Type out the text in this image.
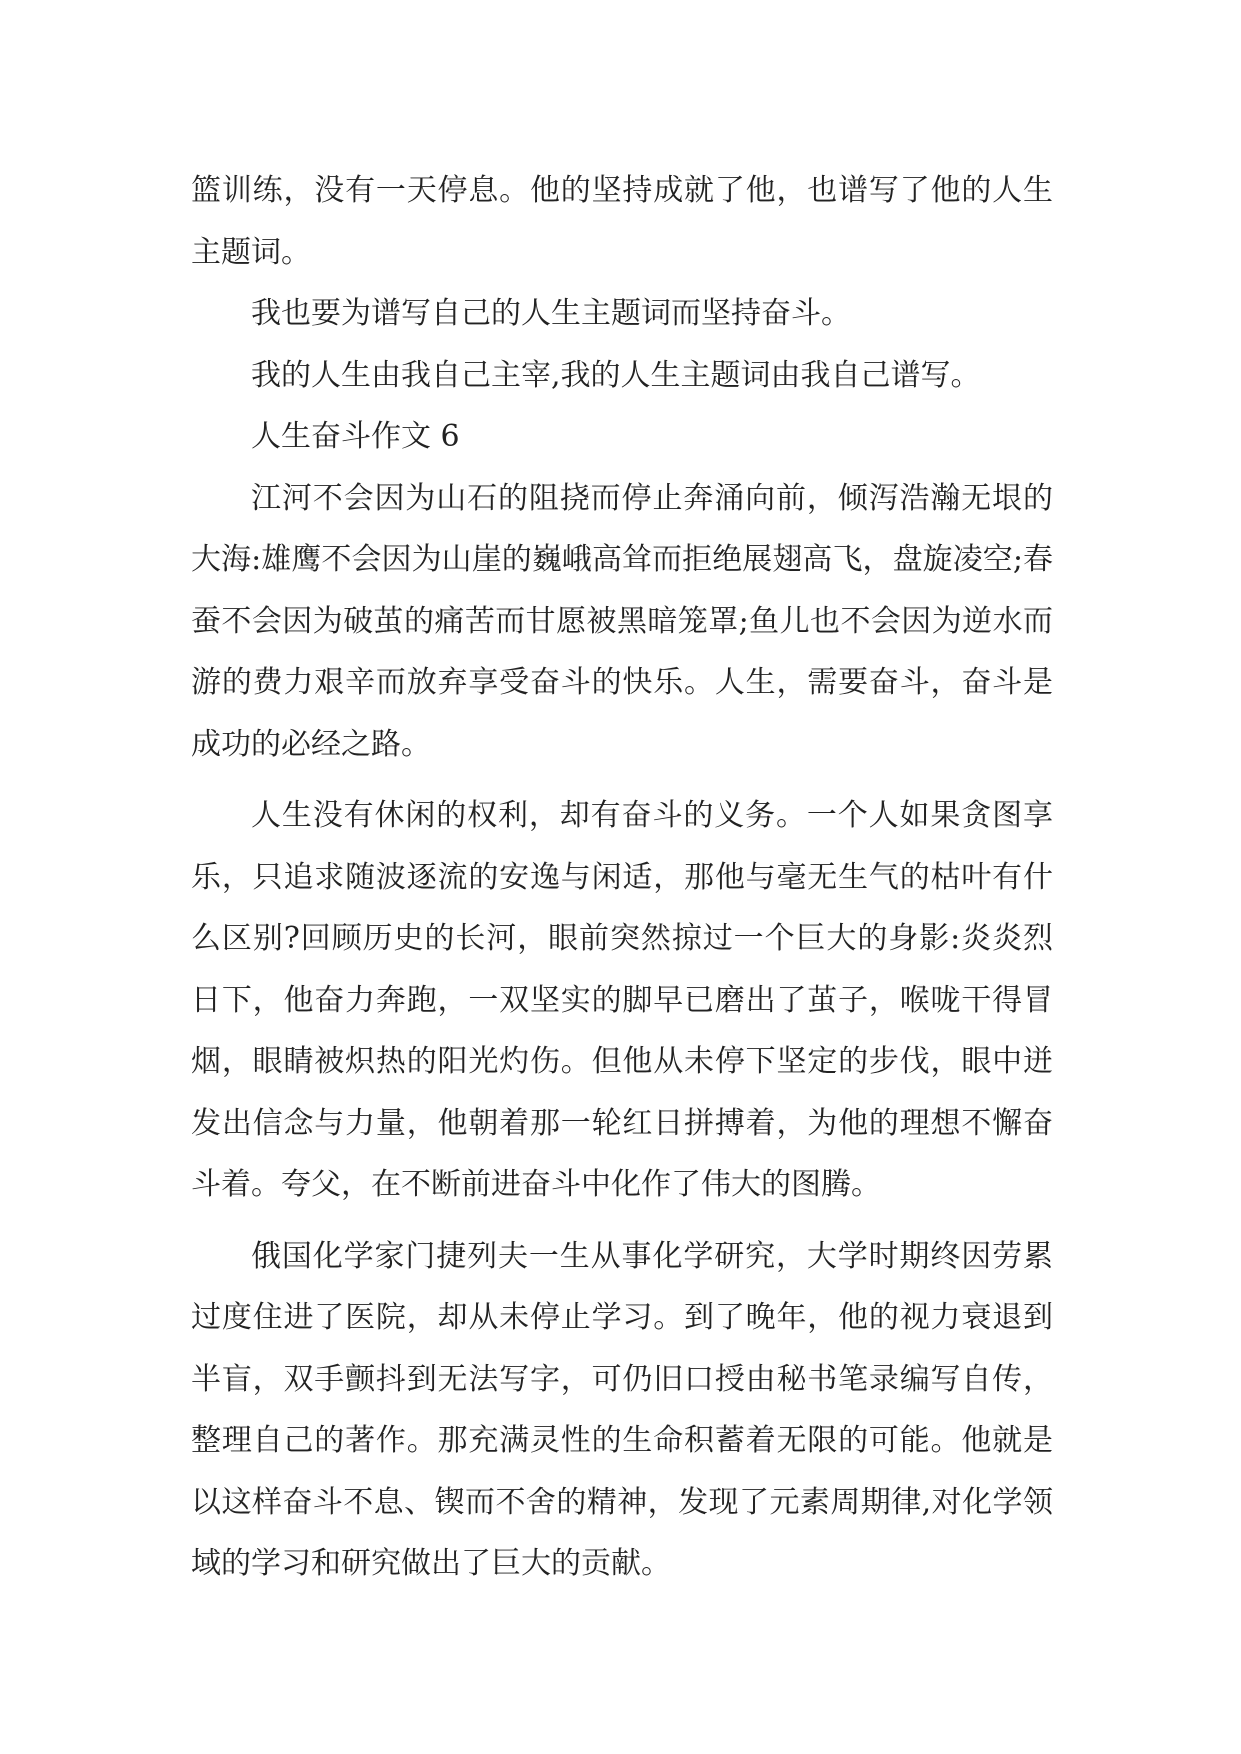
篮训练，没有一天停息。他的坚持成就了他，也谱写了他的人生主题词。

我也要为谱写自己的人生主题词而坚持奋斗。

我的人生由我自己主宰,我的人生主题词由我自己谱写。

人生奋斗作文 6

江河不会因为山石的阻挠而停止奔涌向前，倾泻浩瀚无垠的大海:雄鹰不会因为山崖的巍峨高耸而拒绝展翅高飞，盘旋凌空;春蚕不会因为破茧的痛苦而甘愿被黑暗笼罩;鱼儿也不会因为逆水而游的费力艰辛而放弃享受奋斗的快乐。人生，需要奋斗，奋斗是成功的必经之路。

人生没有休闲的权利，却有奋斗的义务。一个人如果贪图享乐，只追求随波逐流的安逸与闲适，那他与毫无生气的枯叶有什么区别?回顾历史的长河，眼前突然掠过一个巨大的身影:炎炎烈日下，他奋力奔跑，一双坚实的脚早已磨出了茧子，喉咙干得冒烟，眼睛被炽热的阳光灼伤。但他从未停下坚定的步伐，眼中迸发出信念与力量，他朝着那一轮红日拼搏着，为他的理想不懈奋斗着。夸父，在不断前进奋斗中化作了伟大的图腾。

俄国化学家门捷列夫一生从事化学研究，大学时期终因劳累过度住进了医院，却从未停止学习。到了晚年，他的视力衰退到半盲，双手颤抖到无法写字，可仍旧口授由秘书笔录编写自传，整理自己的著作。那充满灵性的生命积蓄着无限的可能。他就是以这样奋斗不息、锲而不舍的精神，发现了元素周期律,对化学领域的学习和研究做出了巨大的贡献。
